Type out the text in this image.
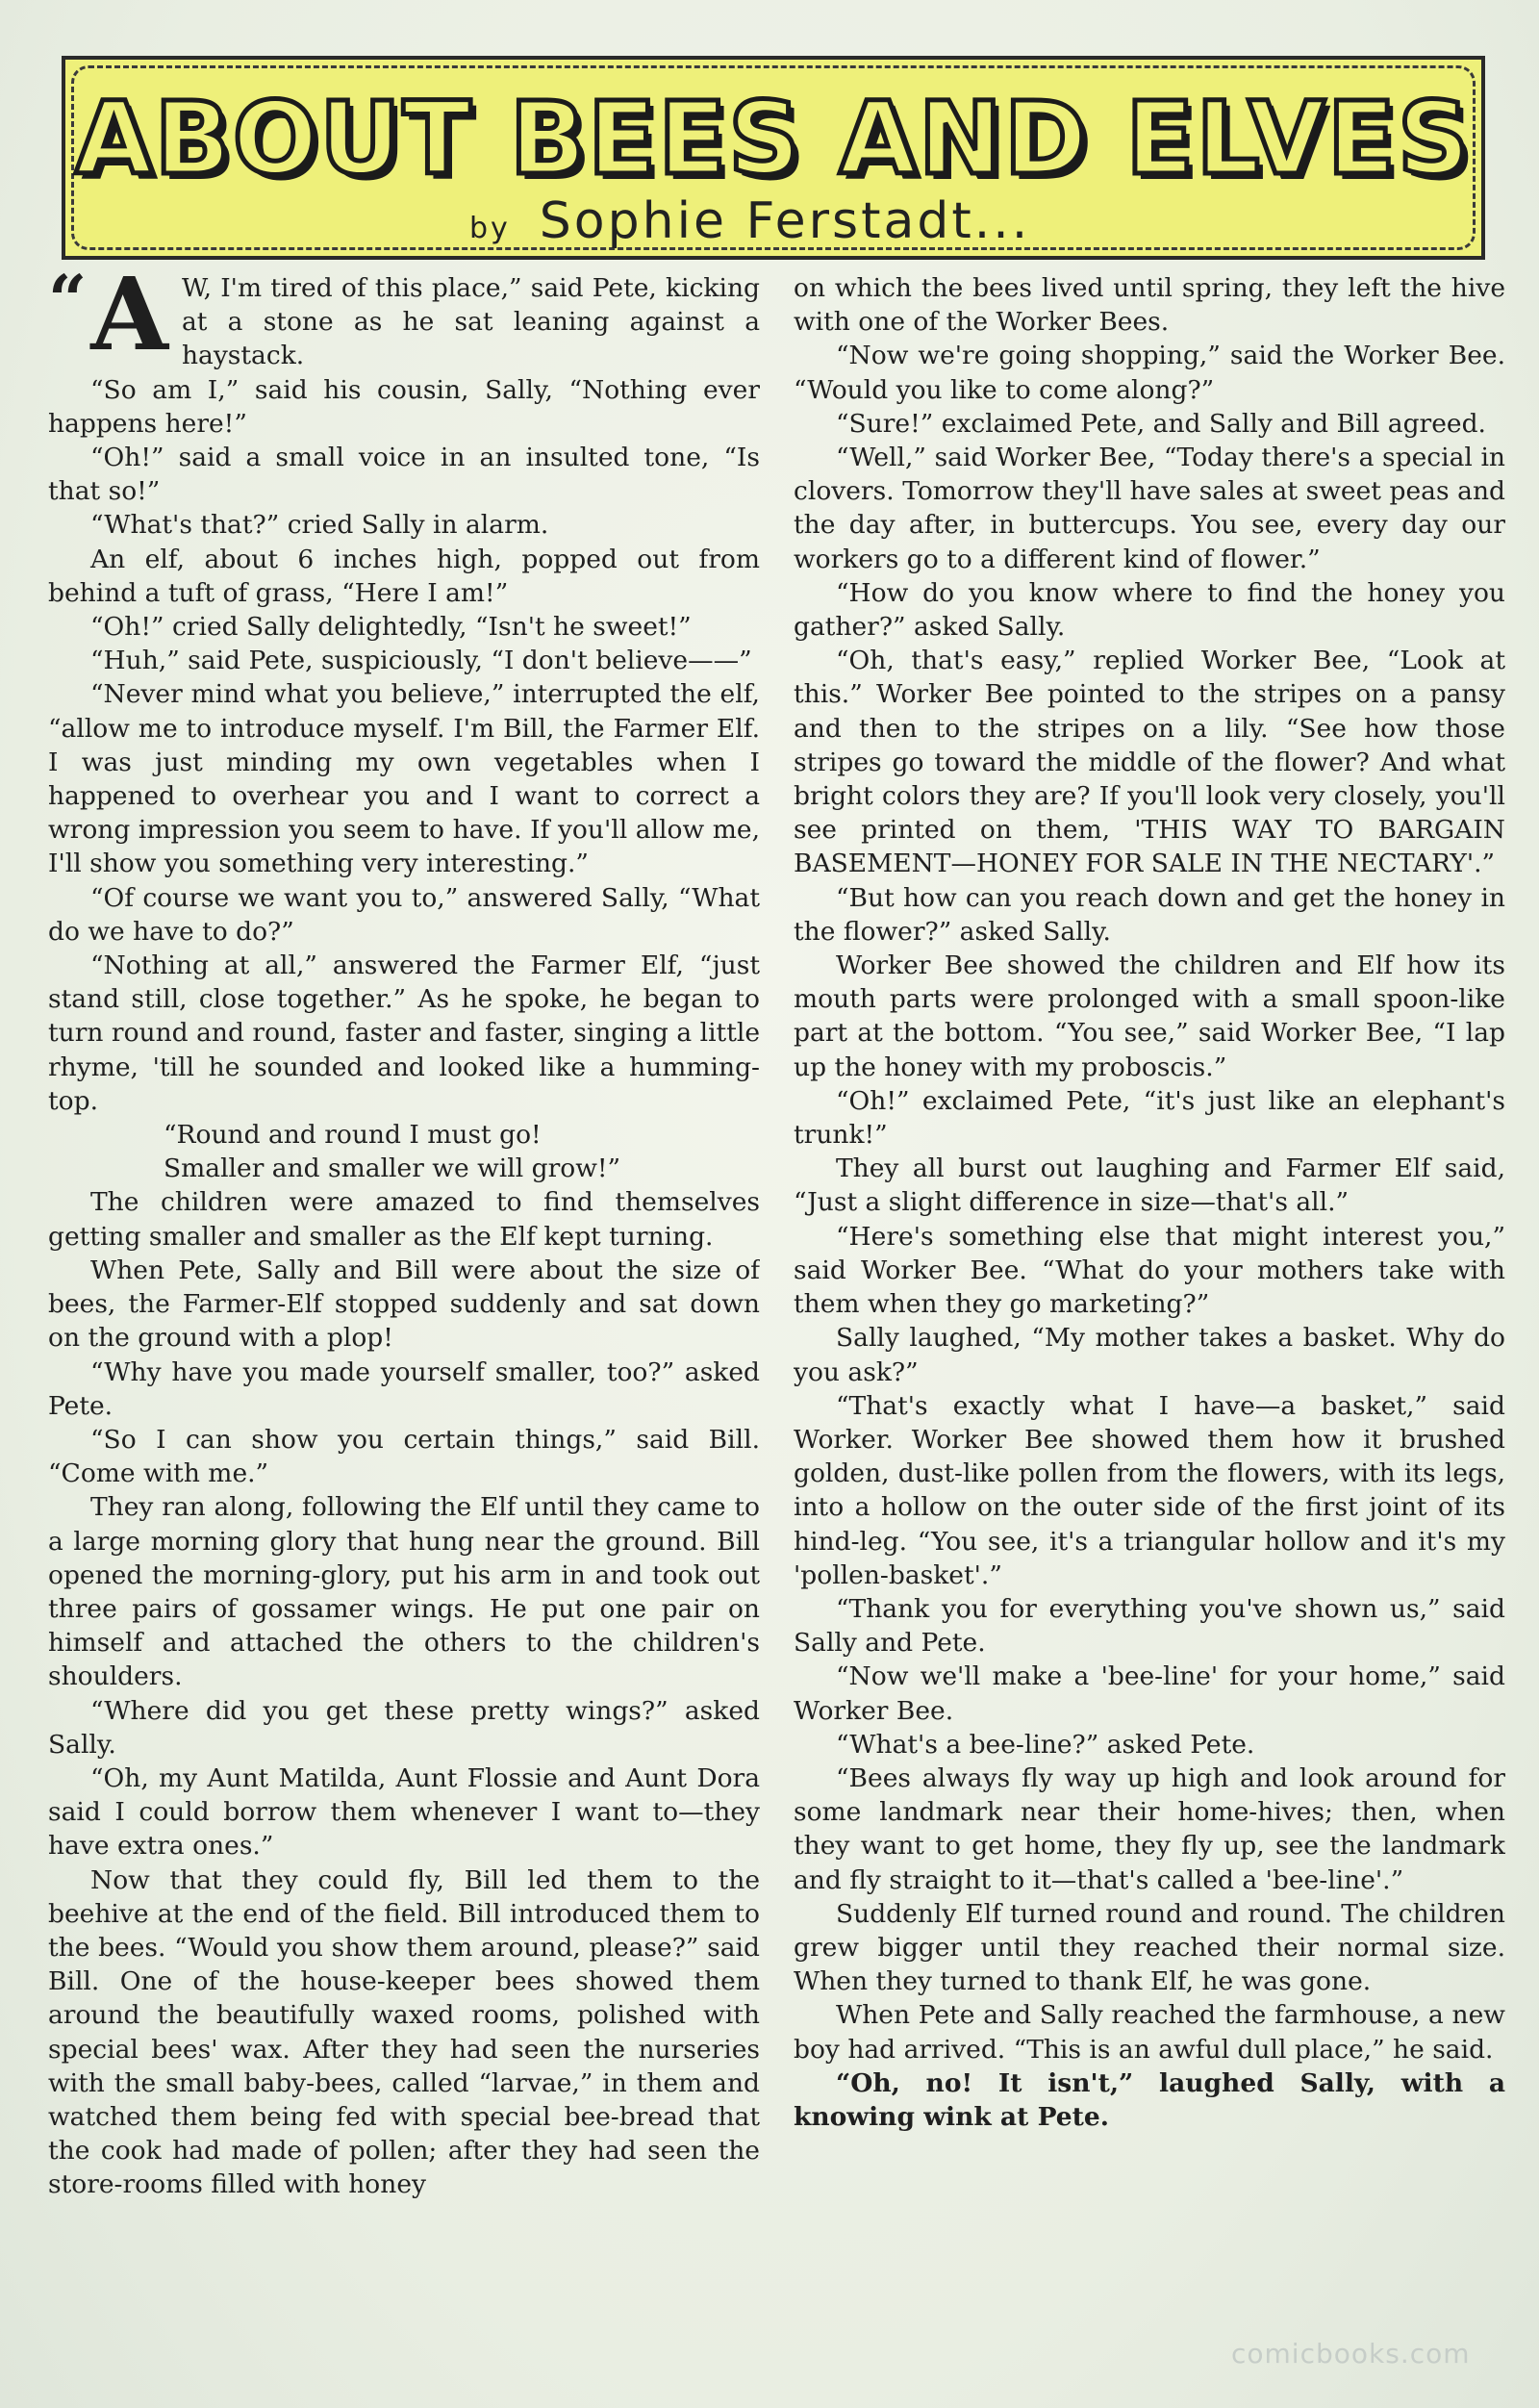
ABOUT BEES AND ELVES
by Sophie Ferstadt...

“ A W, I'm tired of this place,” said Pete, kicking at a stone as he sat leaning against a haystack.

“So am I,” said his cousin, Sally, “Nothing ever happens here!”

“Oh!” said a small voice in an insulted tone, “Is that so!”

“What's that?” cried Sally in alarm.

An elf, about 6 inches high, popped out from behind a tuft of grass, “Here I am!”

“Oh!” cried Sally delightedly, “Isn't he sweet!”

“Huh,” said Pete, suspiciously, “I don't believe——”

“Never mind what you believe,” interrupted the elf, “allow me to introduce myself. I'm Bill, the Farmer Elf. I was just minding my own vegetables when I happened to overhear you and I want to correct a wrong impression you seem to have. If you'll allow me, I'll show you something very interesting.”

“Of course we want you to,” answered Sally, “What do we have to do?”

“Nothing at all,” answered the Farmer Elf, “just stand still, close together.” As he spoke, he began to turn round and round, faster and faster, singing a little rhyme, 'till he sounded and looked like a humming-top.

“Round and round I must go!

Smaller and smaller we will grow!”

The children were amazed to find themselves getting smaller and smaller as the Elf kept turning.

When Pete, Sally and Bill were about the size of bees, the Farmer-Elf stopped suddenly and sat down on the ground with a plop!

“Why have you made yourself smaller, too?” asked Pete.

“So I can show you certain things,” said Bill. “Come with me.”

They ran along, following the Elf until they came to a large morning glory that hung near the ground. Bill opened the morning-glory, put his arm in and took out three pairs of gossamer wings. He put one pair on himself and attached the others to the children's shoulders.

“Where did you get these pretty wings?” asked Sally.

“Oh, my Aunt Matilda, Aunt Flossie and Aunt Dora said I could borrow them whenever I want to—they have extra ones.”

Now that they could fly, Bill led them to the beehive at the end of the field. Bill introduced them to the bees. “Would you show them around, please?” said Bill. One of the house-keeper bees showed them around the beautifully waxed rooms, polished with special bees' wax. After they had seen the nurseries with the small baby-bees, called “larvae,” in them and watched them being fed with special bee-bread that the cook had made of pollen; after they had seen the store-rooms filled with honey

on which the bees lived until spring, they left the hive with one of the Worker Bees.

“Now we're going shopping,” said the Worker Bee. “Would you like to come along?”

“Sure!” exclaimed Pete, and Sally and Bill agreed.

“Well,” said Worker Bee, “Today there's a special in clovers. Tomorrow they'll have sales at sweet peas and the day after, in buttercups. You see, every day our workers go to a different kind of flower.”

“How do you know where to find the honey you gather?” asked Sally.

“Oh, that's easy,” replied Worker Bee, “Look at this.” Worker Bee pointed to the stripes on a pansy and then to the stripes on a lily. “See how those stripes go toward the middle of the flower? And what bright colors they are? If you'll look very closely, you'll see printed on them, 'THIS WAY TO BARGAIN BASEMENT—HONEY FOR SALE IN THE NECTARY'.”

“But how can you reach down and get the honey in the flower?” asked Sally.

Worker Bee showed the children and Elf how its mouth parts were prolonged with a small spoon-like part at the bottom. “You see,” said Worker Bee, “I lap up the honey with my proboscis.”

“Oh!” exclaimed Pete, “it's just like an elephant's trunk!”

They all burst out laughing and Farmer Elf said, “Just a slight difference in size—that's all.”

“Here's something else that might interest you,” said Worker Bee. “What do your mothers take with them when they go marketing?”

Sally laughed, “My mother takes a basket. Why do you ask?”

“That's exactly what I have—a basket,” said Worker. Worker Bee showed them how it brushed golden, dust-like pollen from the flowers, with its legs, into a hollow on the outer side of the first joint of its hind-leg. “You see, it's a triangular hollow and it's my 'pollen-basket'.”

“Thank you for everything you've shown us,” said Sally and Pete.

“Now we'll make a 'bee-line' for your home,” said Worker Bee.

“What's a bee-line?” asked Pete.

“Bees always fly way up high and look around for some landmark near their home-hives; then, when they want to get home, they fly up, see the landmark and fly straight to it—that's called a 'bee-line'.”

Suddenly Elf turned round and round. The children grew bigger until they reached their normal size. When they turned to thank Elf, he was gone.

When Pete and Sally reached the farmhouse, a new boy had arrived. “This is an awful dull place,” he said.

“Oh, no! It isn't,” laughed Sally, with a knowing wink at Pete.

comicbooks.com
